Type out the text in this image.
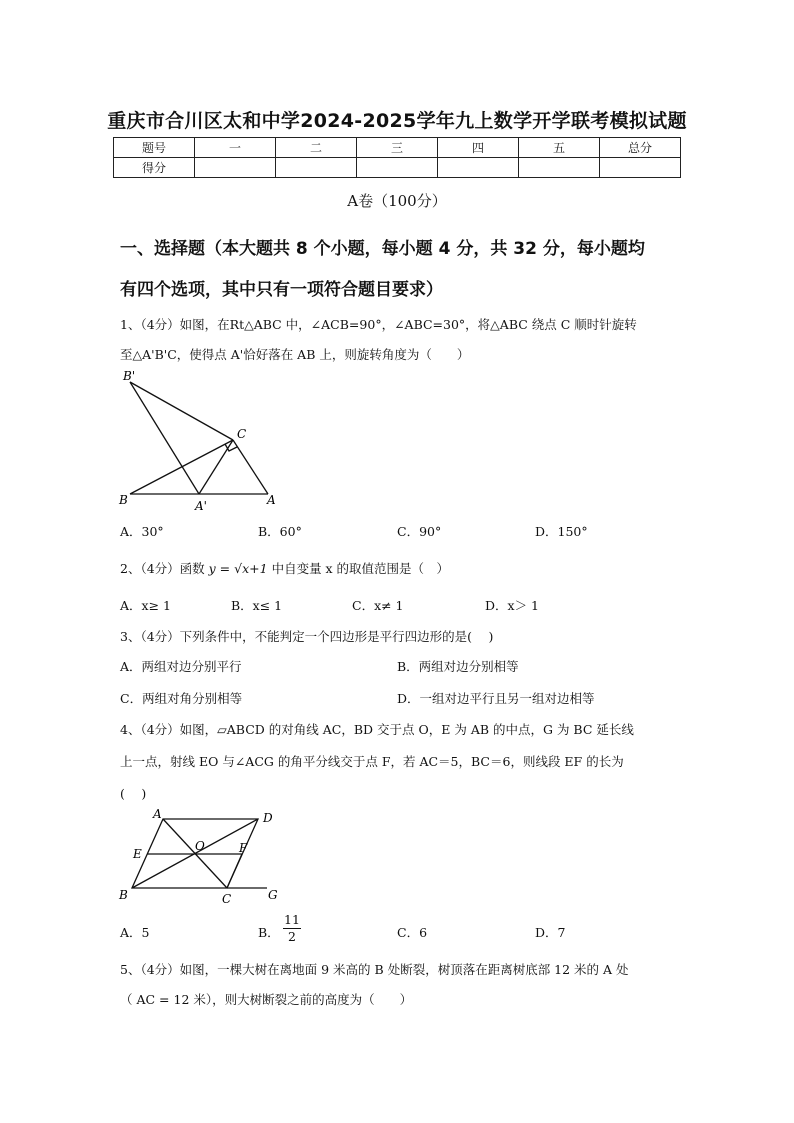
重庆市合川区太和中学2024-2025学年九上数学开学联考模拟试题
题号	一	二	三	四	五	总分
得分						
A卷（100分）
一、选择题（本大题共 8 个小题，每小题 4 分，共 32 分，每小题均
有四个选项，其中只有一项符合题目要求）
1、（4分）如图，在Rt△ABC 中，∠ACB=90°，∠ABC=30°，将△ABC 绕点 C 顺时针旋转
至△A'B'C，使得点 A'恰好落在 AB 上，则旋转角度为（　　）
B'
C
B	A'	A
A．30°	B．60°	C．90°	D．150°
2、（4分）函数 y = √x+1 中自变量 x 的取值范围是（　）
A．x≥ 1	B．x≤ 1	C．x≠ 1	D．x＞ 1
3、（4分）下列条件中，不能判定一个四边形是平行四边形的是(　 )
A．两组对边分别平行	B．两组对边分别相等
C．两组对角分别相等	D．一组对边平行且另一组对边相等
4、（4分）如图，▱ABCD 的对角线 AC，BD 交于点 O，E 为 AB 的中点，G 为 BC 延长线
上一点，射线 EO 与∠ACG 的角平分线交于点 F，若 AC＝5，BC＝6，则线段 EF 的长为
(　 )
A	D
E
O	F
B	C	G
A．5	B． $\frac{11}{2}$	C．6	D．7
5、（4分）如图，一棵大树在离地面 9 米高的 B 处断裂，树顶落在距离树底部 12 米的 A 处
（ AC = 12 米），则大树断裂之前的高度为（　　）
